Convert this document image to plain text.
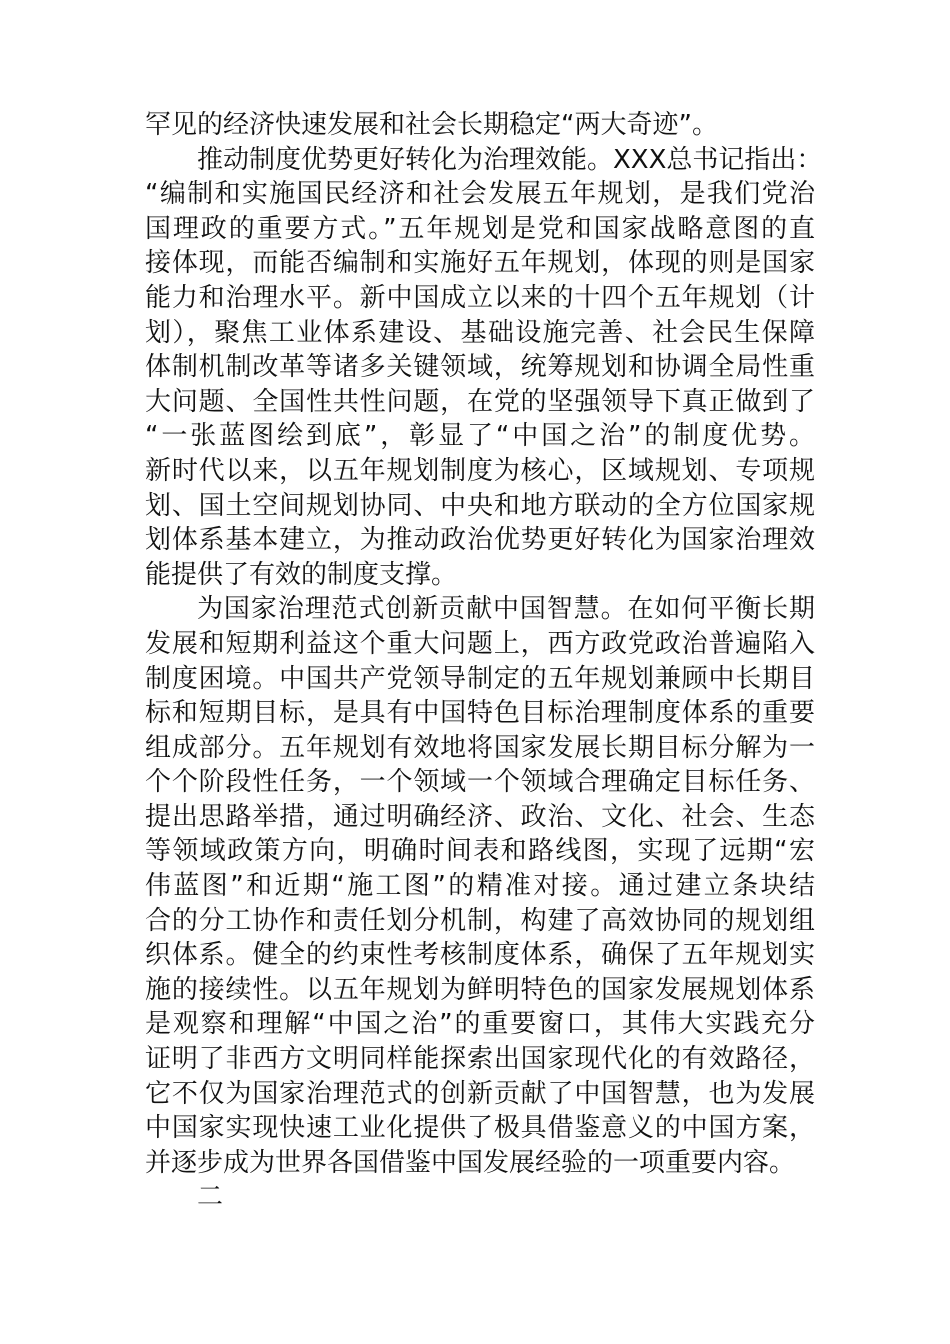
罕见的经济快速发展和社会长期稳定“两大奇迹”。
推动制度优势更好转化为治理效能。XXX总书记指出：
“编制和实施国民经济和社会发展五年规划，是我们党治
国理政的重要方式。”五年规划是党和国家战略意图的直
接体现，而能否编制和实施好五年规划，体现的则是国家
能力和治理水平。新中国成立以来的十四个五年规划（计
划），聚焦工业体系建设、基础设施完善、社会民生保障
体制机制改革等诸多关键领域，统筹规划和协调全局性重
大问题、全国性共性问题，在党的坚强领导下真正做到了
“一张蓝图绘到底”，彰显了“中国之治”的制度优势。
新时代以来，以五年规划制度为核心，区域规划、专项规
划、国土空间规划协同、中央和地方联动的全方位国家规
划体系基本建立，为推动政治优势更好转化为国家治理效
能提供了有效的制度支撑。
为国家治理范式创新贡献中国智慧。在如何平衡长期
发展和短期利益这个重大问题上，西方政党政治普遍陷入
制度困境。中国共产党领导制定的五年规划兼顾中长期目
标和短期目标，是具有中国特色目标治理制度体系的重要
组成部分。五年规划有效地将国家发展长期目标分解为一
个个阶段性任务，一个领域一个领域合理确定目标任务、
提出思路举措，通过明确经济、政治、文化、社会、生态
等领域政策方向，明确时间表和路线图，实现了远期“宏
伟蓝图”和近期“施工图”的精准对接。通过建立条块结
合的分工协作和责任划分机制，构建了高效协同的规划组
织体系。健全的约束性考核制度体系，确保了五年规划实
施的接续性。以五年规划为鲜明特色的国家发展规划体系
是观察和理解“中国之治”的重要窗口，其伟大实践充分
证明了非西方文明同样能探索出国家现代化的有效路径，
它不仅为国家治理范式的创新贡献了中国智慧，也为发展
中国家实现快速工业化提供了极具借鉴意义的中国方案，
并逐步成为世界各国借鉴中国发展经验的一项重要内容。
二
